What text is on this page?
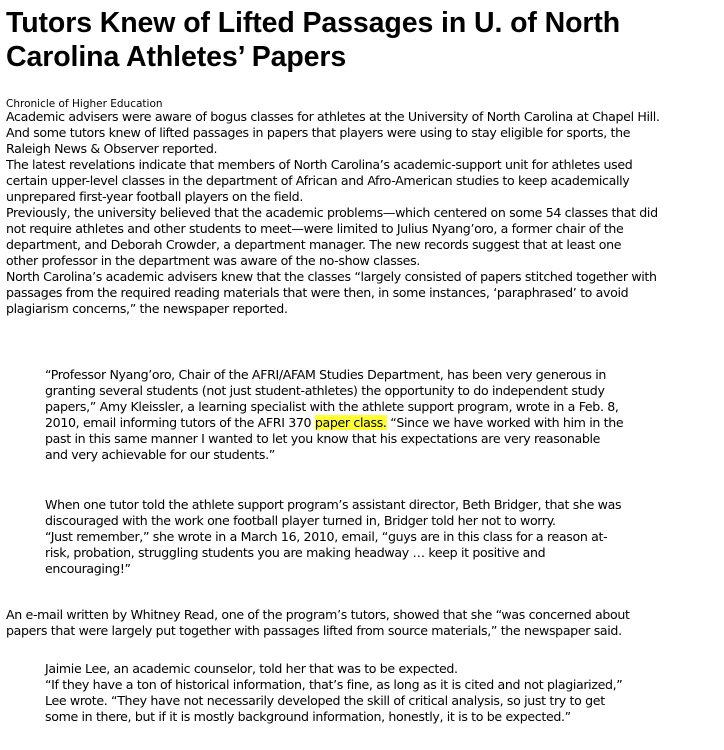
Tutors Knew of Lifted Passages in U. of North
Carolina Athletes’ Papers
Chronicle of Higher Education
Academic advisers were aware of bogus classes for athletes at the University of North Carolina at Chapel Hill.
And some tutors knew of lifted passages in papers that players were using to stay eligible for sports, the
Raleigh News & Observer reported.
The latest revelations indicate that members of North Carolina’s academic-support unit for athletes used
certain upper-level classes in the department of African and Afro-American studies to keep academically
unprepared first-year football players on the field.
Previously, the university believed that the academic problems—which centered on some 54 classes that did
not require athletes and other students to meet—were limited to Julius Nyang’oro, a former chair of the
department, and Deborah Crowder, a department manager. The new records suggest that at least one
other professor in the department was aware of the no-show classes.
North Carolina’s academic advisers knew that the classes “largely consisted of papers stitched together with
passages from the required reading materials that were then, in some instances, ‘paraphrased’ to avoid
plagiarism concerns,” the newspaper reported.
“Professor Nyang’oro, Chair of the AFRI/AFAM Studies Department, has been very generous in
granting several students (not just student-athletes) the opportunity to do independent study
papers,” Amy Kleissler, a learning specialist with the athlete support program, wrote in a Feb. 8,
2010, email informing tutors of the AFRI 370 paper class. “Since we have worked with him in the
past in this same manner I wanted to let you know that his expectations are very reasonable
and very achievable for our students.”
When one tutor told the athlete support program’s assistant director, Beth Bridger, that she was
discouraged with the work one football player turned in, Bridger told her not to worry.
“Just remember,” she wrote in a March 16, 2010, email, “guys are in this class for a reason at-
risk, probation, struggling students you are making headway … keep it positive and
encouraging!”
An e-mail written by Whitney Read, one of the program’s tutors, showed that she “was concerned about
papers that were largely put together with passages lifted from source materials,” the newspaper said.
Jaimie Lee, an academic counselor, told her that was to be expected.
“If they have a ton of historical information, that’s fine, as long as it is cited and not plagiarized,”
Lee wrote. “They have not necessarily developed the skill of critical analysis, so just try to get
some in there, but if it is mostly background information, honestly, it is to be expected.”
